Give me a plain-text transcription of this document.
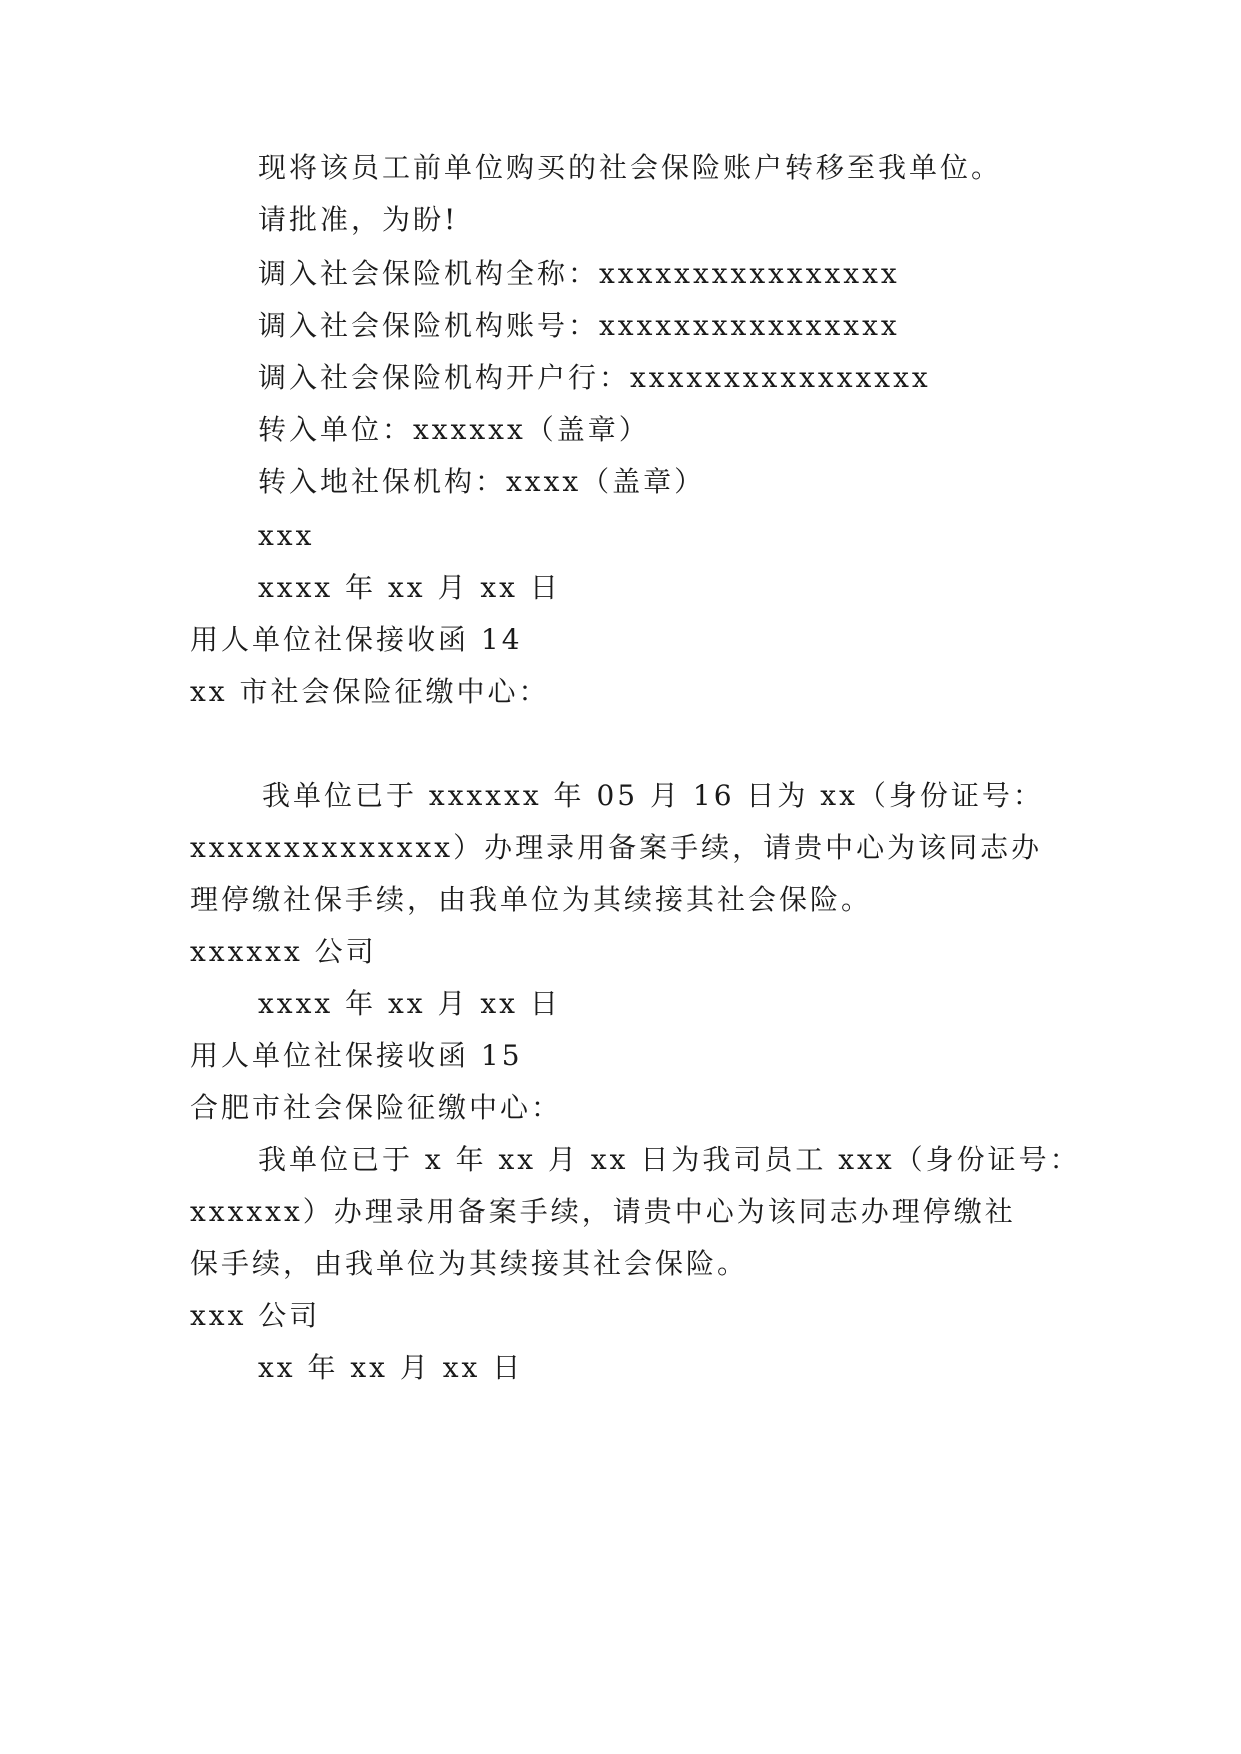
现将该员工前单位购买的社会保险账户转移至我单位。
请批准，为盼!
调入社会保险机构全称：xxxxxxxxxxxxxxxx
调入社会保险机构账号：xxxxxxxxxxxxxxxx
调入社会保险机构开户行：xxxxxxxxxxxxxxxx
转入单位：xxxxxx（盖章）
转入地社保机构：xxxx（盖章）
xxx
xxxx 年 xx 月 xx 日
用人单位社保接收函 14
xx 市社会保险征缴中心：
我单位已于 xxxxxx 年 05 月 16 日为 xx（身份证号：
xxxxxxxxxxxxxx）办理录用备案手续，请贵中心为该同志办
理停缴社保手续，由我单位为其续接其社会保险。
xxxxxx 公司
xxxx 年 xx 月 xx 日
用人单位社保接收函 15
合肥市社会保险征缴中心：
我单位已于 x 年 xx 月 xx 日为我司员工 xxx（身份证号：
xxxxxx）办理录用备案手续，请贵中心为该同志办理停缴社
保手续，由我单位为其续接其社会保险。
xxx 公司
xx 年 xx 月 xx 日
